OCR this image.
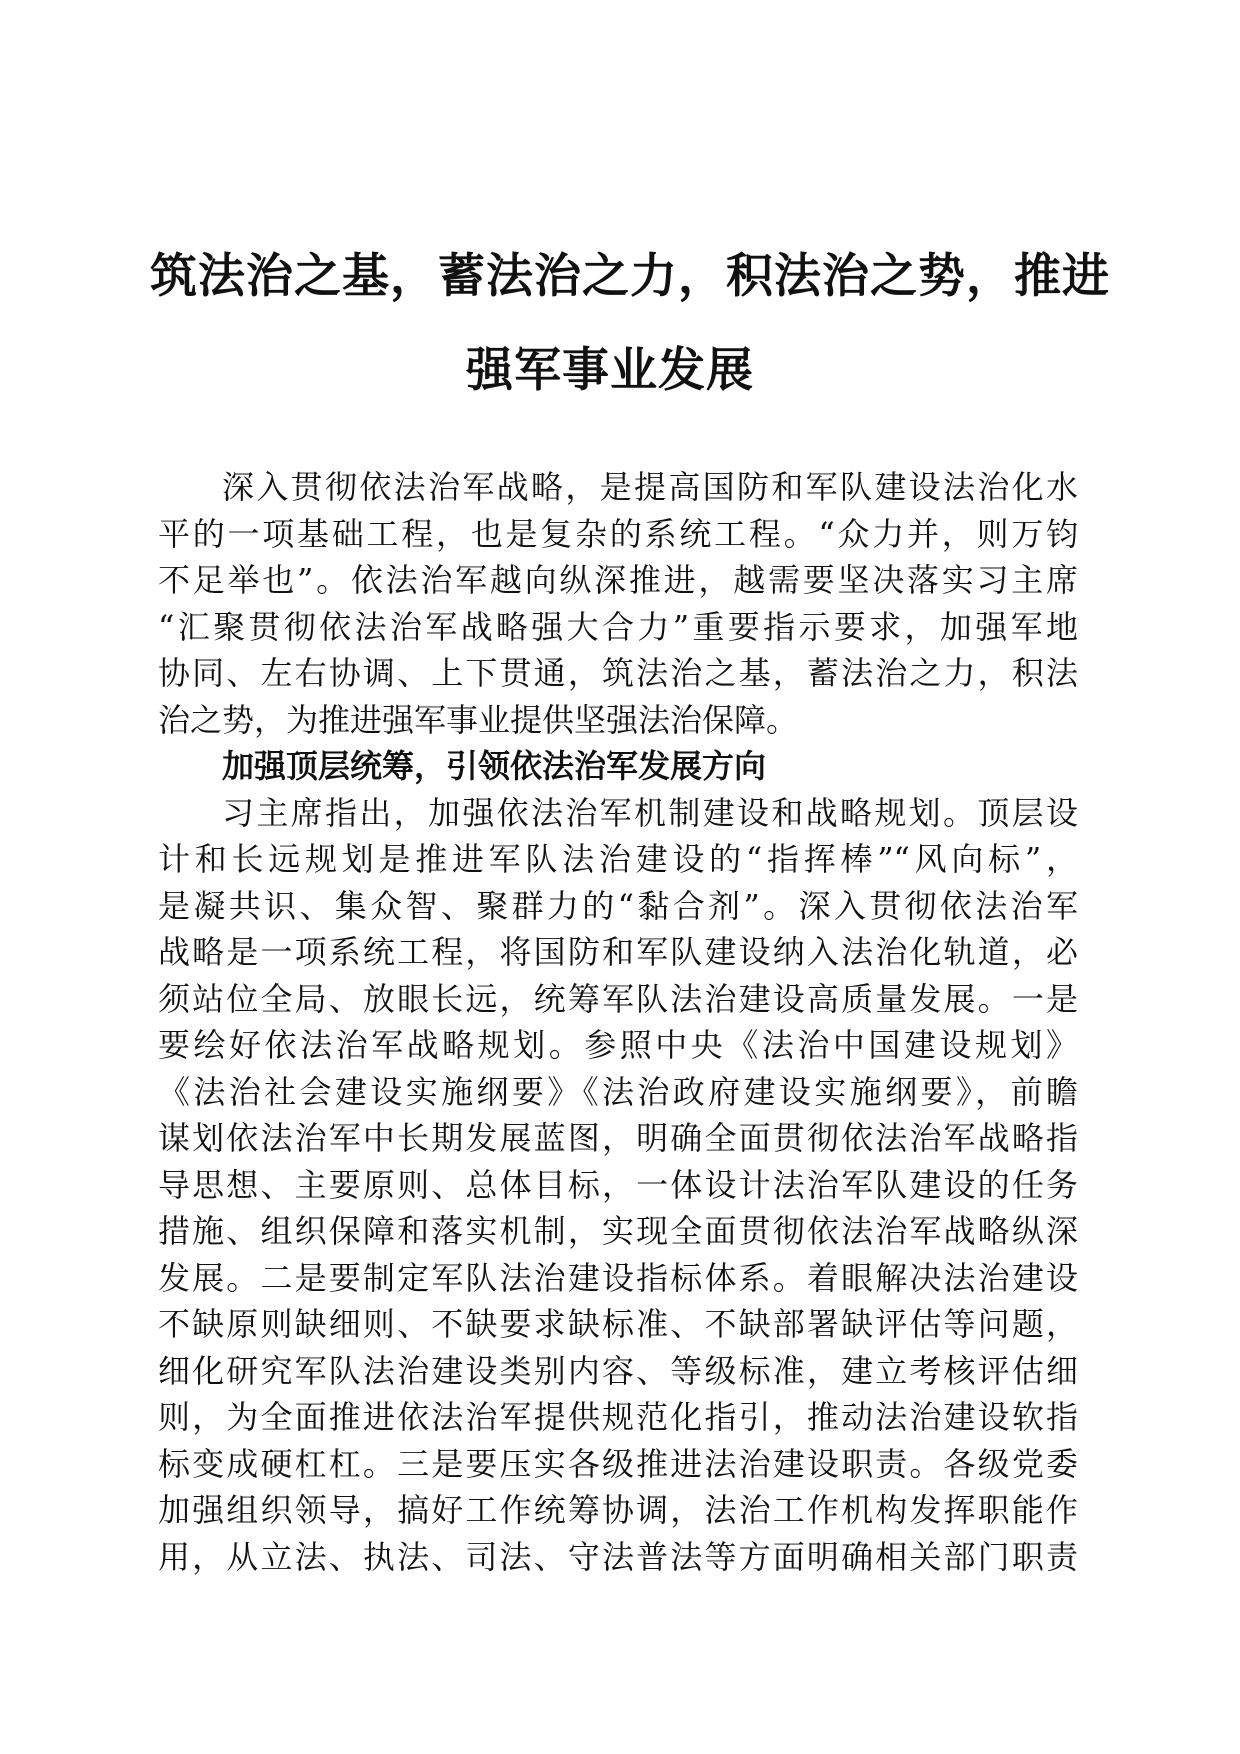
筑法治之基，蓄法治之力，积法治之势，推进
强军事业发展
深入贯彻依法治军战略，是提高国防和军队建设法治化水
平的一项基础工程，也是复杂的系统工程。“众力并，则万钧
不足举也”。依法治军越向纵深推进，越需要坚决落实习主席
“汇聚贯彻依法治军战略强大合力”重要指示要求，加强军地
协同、左右协调、上下贯通，筑法治之基，蓄法治之力，积法
治之势，为推进强军事业提供坚强法治保障。
加强顶层统筹，引领依法治军发展方向
习主席指出，加强依法治军机制建设和战略规划。顶层设
计和长远规划是推进军队法治建设的“指挥棒”“风向标”，
是凝共识、集众智、聚群力的“黏合剂”。深入贯彻依法治军
战略是一项系统工程，将国防和军队建设纳入法治化轨道，必
须站位全局、放眼长远，统筹军队法治建设高质量发展。一是
要绘好依法治军战略规划。参照中央《法治中国建设规划》
《法治社会建设实施纲要》《法治政府建设实施纲要》，前瞻
谋划依法治军中长期发展蓝图，明确全面贯彻依法治军战略指
导思想、主要原则、总体目标，一体设计法治军队建设的任务
措施、组织保障和落实机制，实现全面贯彻依法治军战略纵深
发展。二是要制定军队法治建设指标体系。着眼解决法治建设
不缺原则缺细则、不缺要求缺标准、不缺部署缺评估等问题，
细化研究军队法治建设类别内容、等级标准，建立考核评估细
则，为全面推进依法治军提供规范化指引，推动法治建设软指
标变成硬杠杠。三是要压实各级推进法治建设职责。各级党委
加强组织领导，搞好工作统筹协调，法治工作机构发挥职能作
用，从立法、执法、司法、守法普法等方面明确相关部门职责
